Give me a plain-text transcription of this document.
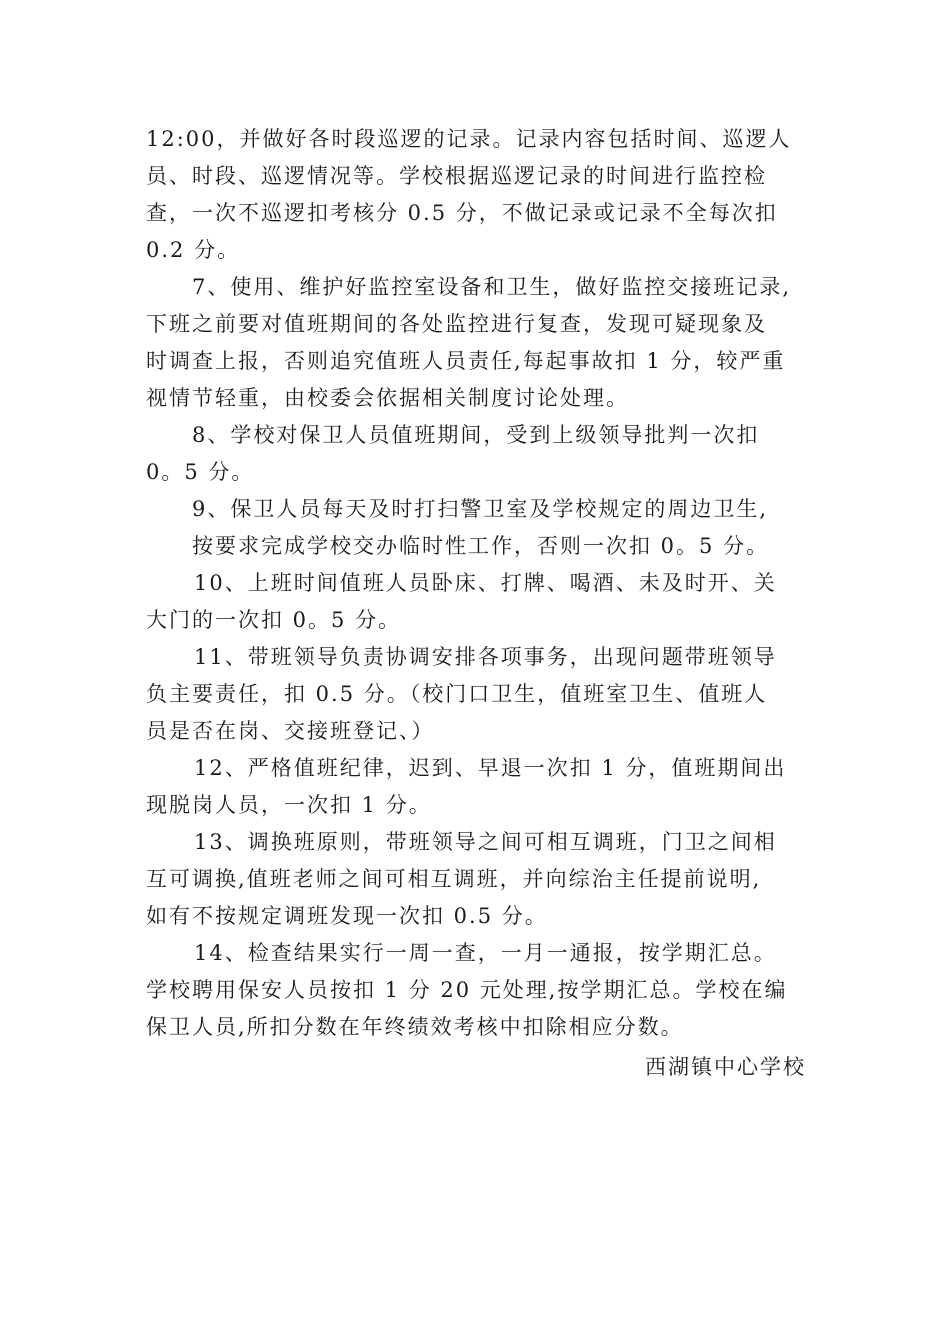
12:00，并做好各时段巡逻的记录。记录内容包括时间、巡逻人
员、时段、巡逻情况等。学校根据巡逻记录的时间进行监控检
查，一次不巡逻扣考核分 0.5 分，不做记录或记录不全每次扣
0.2 分。
7、使用、维护好监控室设备和卫生，做好监控交接班记录,
下班之前要对值班期间的各处监控进行复查，发现可疑现象及
时调查上报，否则追究值班人员责任,每起事故扣 1 分，较严重
视情节轻重，由校委会依据相关制度讨论处理。
8、学校对保卫人员值班期间，受到上级领导批判一次扣
0。5 分。
9、保卫人员每天及时打扫警卫室及学校规定的周边卫生,
按要求完成学校交办临时性工作，否则一次扣 0。5 分。
10、上班时间值班人员卧床、打牌、喝酒、未及时开、关
大门的一次扣 0。5 分。
11、带班领导负责协调安排各项事务，出现问题带班领导
负主要责任，扣 0.5 分。（校门口卫生，值班室卫生、值班人
员是否在岗、交接班登记、）
12、严格值班纪律，迟到、早退一次扣 1 分，值班期间出
现脱岗人员，一次扣 1 分。
13、调换班原则，带班领导之间可相互调班，门卫之间相
互可调换,值班老师之间可相互调班，并向综治主任提前说明,
如有不按规定调班发现一次扣 0.5 分。
14、检查结果实行一周一查，一月一通报，按学期汇总。
学校聘用保安人员按扣 1 分 20 元处理,按学期汇总。学校在编
保卫人员,所扣分数在年终绩效考核中扣除相应分数。
西湖镇中心学校
